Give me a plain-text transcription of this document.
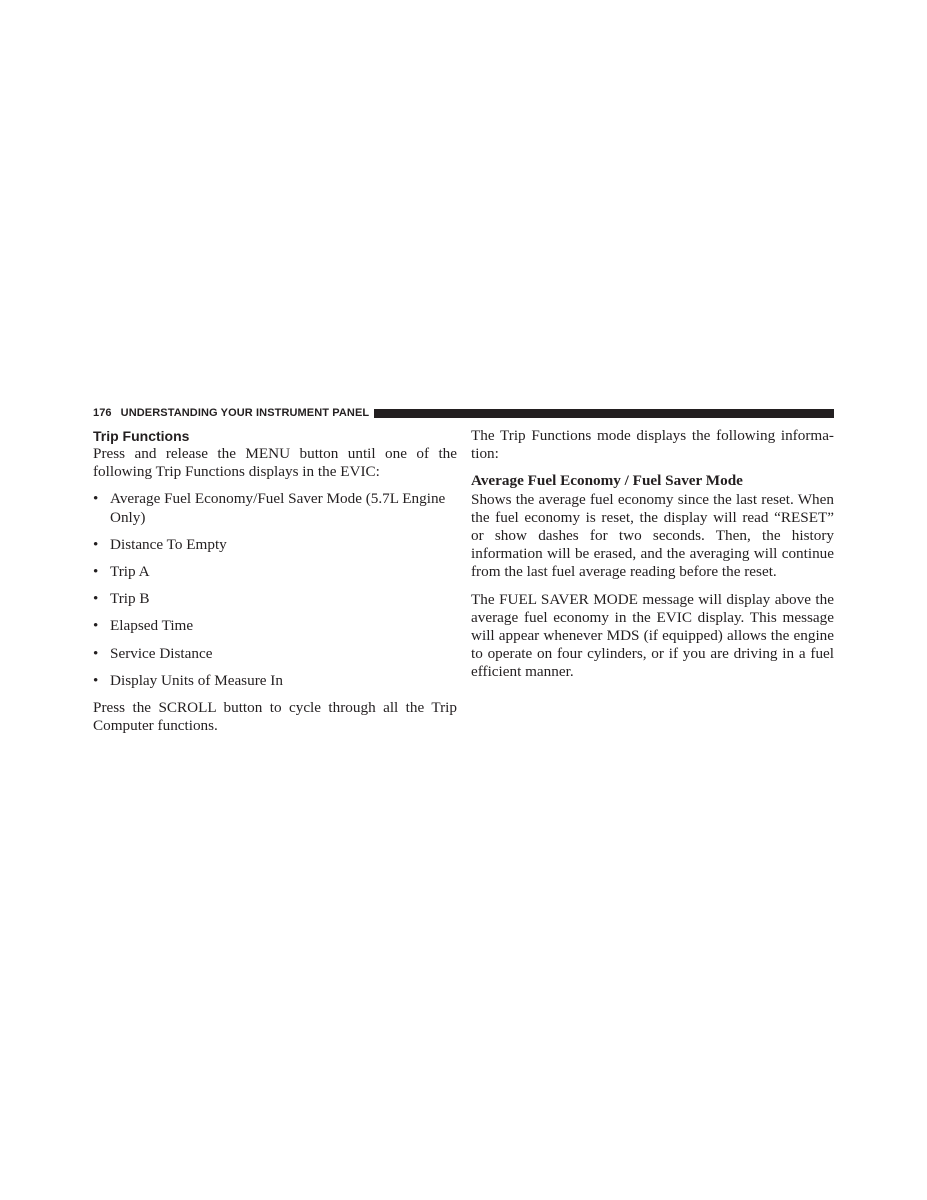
176 UNDERSTANDING YOUR INSTRUMENT PANEL
Trip Functions

Press and release the MENU button until one of the following Trip Functions displays in the EVIC:

• Average Fuel Economy/Fuel Saver Mode (5.7L Engine Only)
• Distance To Empty
• Trip A
• Trip B
• Elapsed Time
• Service Distance
• Display Units of Measure In

Press the SCROLL button to cycle through all the Trip Computer functions.

The Trip Functions mode displays the following informa-tion:

Average Fuel Economy / Fuel Saver Mode

Shows the average fuel economy since the last reset. When the fuel economy is reset, the display will read “RESET” or show dashes for two seconds. Then, the history information will be erased, and the averaging will continue from the last fuel average reading before the reset.

The FUEL SAVER MODE message will display above the average fuel economy in the EVIC display. This message will appear whenever MDS (if equipped) allows the engine to operate on four cylinders, or if you are driving in a fuel efficient manner.
